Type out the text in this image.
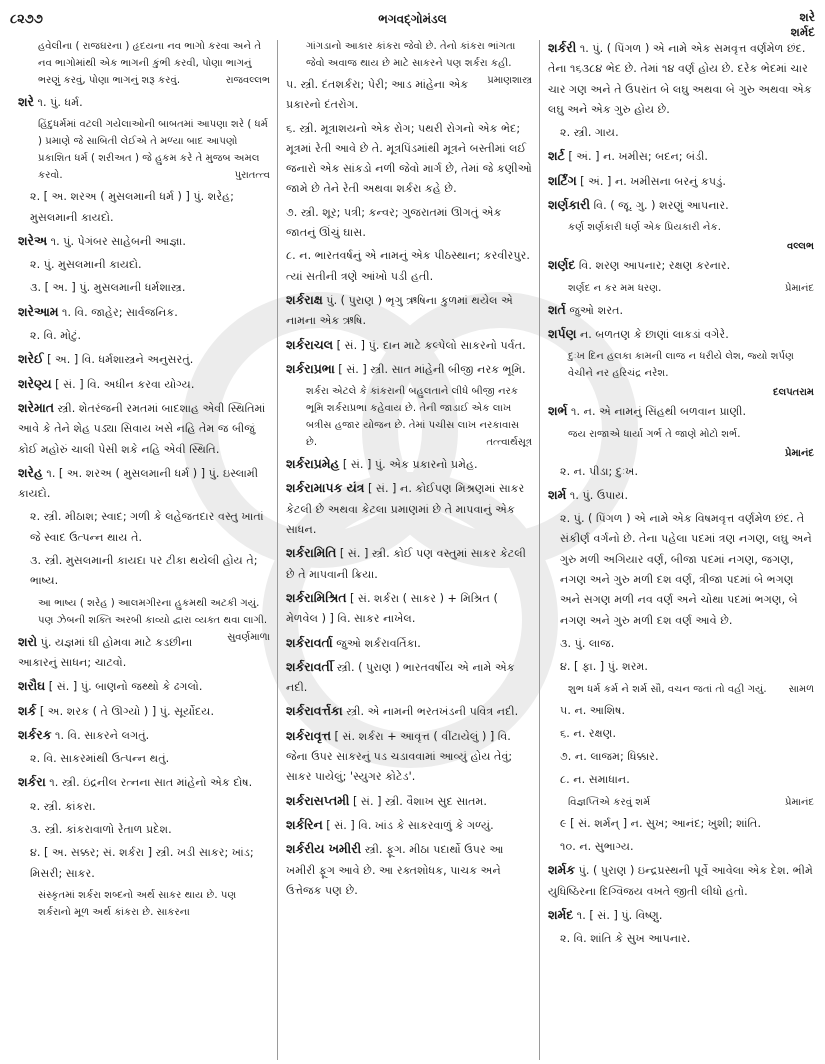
૮૨૭૭	ભગવદ્ગોમંડલ	શરે
શર્મદ

હવેલીના ( રાજઘરના ) હૃદયના નવ ભાગો કરવા અને તે નવ ભાગોમાંથી એક ભાગની કુંભી કરવી, પોણા ભાગનું ભરણું કરવું, પોણા ભાગનું શરૂ કરવું.	રાજવલ્લભ

શરે ૧. પું. ધર્મ.

હિંદુધર્મમાં વટલી ગયેલાઓની બાબતમાં આપણા શરે ( ધર્મ ) પ્રમાણે જે સાબિતી લેઈએ તે મળ્યા બાદ આપણો પ્રકાશિત ધર્મ ( શરીઅત ) જે હુકમ કરે તે મુજબ અમલ કરવો.	પુરાતત્ત્વ

૨. [ અ. શરઅ ( મુસલમાની ધર્મ ) ] પું. શરેહ; મુસલમાની કાયદો.

શરેઅ ૧. પું. પેગંબર સાહેબની આજ્ઞા.

૨. પું. મુસલમાની કાયદો.

૩. [ અ. ] પું. મુસલમાની ધર્મશાસ્ત્ર.

શરેઆમ ૧. વિ. જાહેર; સાર્વજનિક.

૨. વિ. મોટું.

શરેઈ [ અ. ] વિ. ધર્મશાસ્ત્રને અનુસરતું.

શરેણ્ય [ સં. ] વિ. અધીન કરવા યોગ્ય.

શરેમાત સ્ત્રી. શેતરંજની રમતમાં બાદશાહ એવી સ્થિતિમાં આવે કે તેને શેહ પડ્યા સિવાય ખસે નહિ તેમ જ બીજું કોઈ મહોરું ચાલી પેસી શકે નહિ એવી સ્થિતિ.

શરેહ ૧. [ અ. શરઅ ( મુસલમાની ધર્મ ) ] પું. ઇસ્લામી કાયદો.

૨. સ્ત્રી. મીઠાશ; સ્વાદ; ગળી કે લહેજતદાર વસ્તુ ખાતાં જે સ્વાદ ઉત્પન્ન થાય તે.

૩. સ્ત્રી. મુસલમાની કાયદા પર ટીકા થયેલી હોય તે; ભાષ્ય.

આ ભાષ્ય ( શરેહ ) આલમગીરના હુકમથી અટકી ગયું. પણ ઝેબની શક્તિ અરબી કાવ્યો દ્વારા વ્યક્ત થવા લાગી.
સુવર્ણમાળા

શરો પું. યજ્ઞમાં ઘી હોમવા માટે કડછીના આકારનું સાધન; ચાટવો.

શરૌઘ [ સં. ] પું. બાણનો જથ્થો કે ઢગલો.

શર્ક [ અ. શરક ( તે ઊગ્યો ) ] પું. સૂર્યોદય.

શર્કરક ૧. વિ. સાકરને લગતું.

૨. વિ. સાકરમાંથી ઉત્પન્ન થતું.

શર્કરા ૧. સ્ત્રી. ઇંદ્રનીલ રત્નના સાત માંહેનો એક દોષ.

૨. સ્ત્રી. કાંકરા.

૩. સ્ત્રી. કાંકરાવાળો રેતાળ પ્રદેશ.

૪. [ અ. સક્કર; સં. શર્કરા ] સ્ત્રી. ખડી સાકર; ખાંડ; મિસરી; સાકર.

સંસ્કૃતમાં શર્કરા શબ્દનો અર્થ સાકર થાય છે. પણ શર્કરાનો મૂળ અર્થ કાંકરા છે. સાકરના

ગાંગડાનો આકાર કાંકરા જેવો છે. તેનો કાંકરા ભાંગતા જેવો અવાજ થાય છે માટે સાકરને પણ શર્કરા કહી.
પ્રમાણશાસ્ત્ર

૫. સ્ત્રી. દંતશર્કરા; પેરી; આડ માંહેના એક પ્રકારનો દંતરોગ.

૬. સ્ત્રી. મૂત્રાશયનો એક રોગ; પથરી રોગનો એક ભેદ; મૂત્રમાં રેતી આવે છે તે. મૂત્રપિંડમાંથી મૂત્રને બસ્તીમાં લઈ જનારો એક સાંકડો નળી જેવો માર્ગ છે, તેમાં જે કણીઓ જામે છે તેને રેતી અથવા શર્કરા કહે છે.

૭. સ્ત્રી. શૂર; પત્રી; કન્વર; ગુજરાતમાં ઊગતું એક જાતનું ઊંચું ઘાસ.

૮. ન. ભારતવર્ષનું એ નામનું એક પીઠસ્થાન; કરવીરપુર. ત્યાં સતીની ત્રણે આંખો પડી હતી.

શર્કરાક્ષ પું. ( પુરાણ ) ભૃગુ ઋષિના કુળમાં થયેલ એ નામના એક ઋષિ.

શર્કરાચલ [ સં. ] પું. દાન માટે કલ્પેલો સાકરનો પર્વત.

શર્કરાપ્રભા [ સં. ] સ્ત્રી. સાત માંહેની બીજી નરક ભૂમિ.

શર્કરા એટલે કે કાંકરાની બહુલતાને લીધે બીજી નરક ભૂમિ શર્કરાપ્રભા કહેવાય છે. તેની જાડાઈ એક લાખ બત્રીસ હજાર યોજન છે. તેમાં પચીસ લાખ નરકાવાસ છે.	તત્ત્વાર્થસૂત્ર

શર્કરાપ્રમેહ [ સં. ] પું. એક પ્રકારનો પ્રમેહ.

શર્કરામાપક યંત્ર [ સં. ] ન. કોઈપણ મિશ્રણમાં સાકર કેટલી છે અથવા કેટલા પ્રમાણમાં છે તે માપવાનું એક સાધન.

શર્કરામિતિ [ સં. ] સ્ત્રી. કોઈ પણ વસ્તુમાં સાકર કેટલી છે તે માપવાની ક્રિયા.

શર્કરામિશ્રિત [ સં. શર્કરા ( સાકર ) + મિશ્રિત ( મેળવેલ ) ] વિ. સાકર નાખેલ.

શર્કરાવર્તા જુઓ શર્કરાવર્તિકા.

શર્કરાવર્તી સ્ત્રી. ( પુરાણ ) ભારતવર્ષીય એ નામે એક નદી.

શર્કરાવર્ત્તકા સ્ત્રી. એ નામની ભરતખંડની પવિત્ર નદી.

શર્કરાવૃત્ત [ સં. શર્કરા + આવૃત્ત ( વીંટાયેલું ) ] વિ. જેના ઉપર સાકરનું પડ ચડાવવામાં આવ્યું હોય તેવું; સાકર પાયેલું; 'સ્યુગર કોટેડ'.

શર્કરાસપ્તમી [ સં. ] સ્ત્રી. વૈશાખ સુદ સાતમ.

શર્કરિન [ સં. ] વિ. ખાંડ કે સાકરવાળું કે ગળ્યું.

શર્કરીય ખમીરી સ્ત્રી. ફૂગ. મીઠા પદાર્થો ઉપર આ ખમીરી ફૂગ આવે છે. આ રક્તશોધક, પાચક અને ઉત્તેજક પણ છે.

શર્કરી ૧. પું. ( પિંગળ ) એ નામે એક સમવૃત્ત વર્ણમેળ છંદ. તેના ૧૬૩૮૪ ભેદ છે. તેમાં ૧૪ વર્ણ હોય છે. દરેક ભેદમાં ચાર ચાર ગણ અને તે ઉપરાંત બે લઘુ અથવા બે ગુરુ અથવા એક લઘુ અને એક ગુરુ હોય છે.

૨. સ્ત્રી. ગાય.

શર્ટ [ અં. ] ન. ખમીસ; બદન; બંડી.

શર્ટિંગ [ અં. ] ન. ખમીસના બરનું કપડું.

શર્ણકારી વિ. ( જૂ. ગુ. ) શરણું આપનાર.

કર્ણ શર્ણકારી ધર્ણ એક પ્રિયકારી નેક.

વલ્લભ

શર્ણદ વિ. શરણ આપનાર; રક્ષણ કરનાર.

શર્ણદ ન કર મમ ધરણ.	પ્રેમાનંદ

શર્ત જુઓ શરત.

શર્પણ ન. બળતણ કે છાણાં લાકડાં વગેરે.

દુઃખ દિન હલકા કામની લાજ ન ધરીયે લેશ, જ્યો શર્પણ વેચીને નર હરિચંદ્ર નરેશ.

દલપતરામ

શર્ભ ૧. ન. એ નામનું સિંહથી બળવાન પ્રાણી.

જય રાજાએ ધાર્યા ગર્ભ તે જાણે મોટો શર્ભ.

પ્રેમાનંદ

૨. ન. પીડા; દુઃખ.

શર્મ ૧. પું. ઉપાય.

૨. પું. ( પિંગળ ) એ નામે એક વિષમવૃત્ત વર્ણમેળ છંદ. તે સંકીર્ણ વર્ગનો છે. તેના પહેલા પદમાં ત્રણ નગણ, લઘુ અને ગુરુ મળી અગિયાર વર્ણ, બીજા પદમાં નગણ, જગણ, નગણ અને ગુરુ મળી દશ વર્ણ, ત્રીજા પદમાં બે ભગણ અને સગણ મળી નવ વર્ણ અને ચોથા પદમાં ભગણ, બે નગણ અને ગુરુ મળી દશ વર્ણ આવે છે.

૩. પું. લાજ.

૪. [ ફા. ] પું. શરમ.

શુભ ધર્મ કર્મ ને શર્મ સૌ, વચન જતાં તો વહી ગયું. સામળ

૫. ન. આશિષ.

૬. ન. રક્ષણ.

૭. ન. લાજમ; ધિક્કાર.

૮. ન. સમાધાન.

વિજ્ઞપ્તિએ કરવું શર્મ	પ્રેમાનંદ

૯ [ સં. શર્મન્ ] ન. સુખ; આનંદ; ખુશી; શાંતિ.

૧૦. ન. સુભાગ્ય.

શર્મક પું. ( પુરાણ ) ઇન્દ્રપ્રસ્થની પૂર્વે આવેલા એક દેશ. ભીમે યુધિષ્ઠિરના દિગ્વિજય વખતે જીતી લીધો હતો.

શર્મદ ૧. [ સં. ] પું. વિષ્ણુ.

૨. વિ. શાંતિ કે સુખ આપનાર.
